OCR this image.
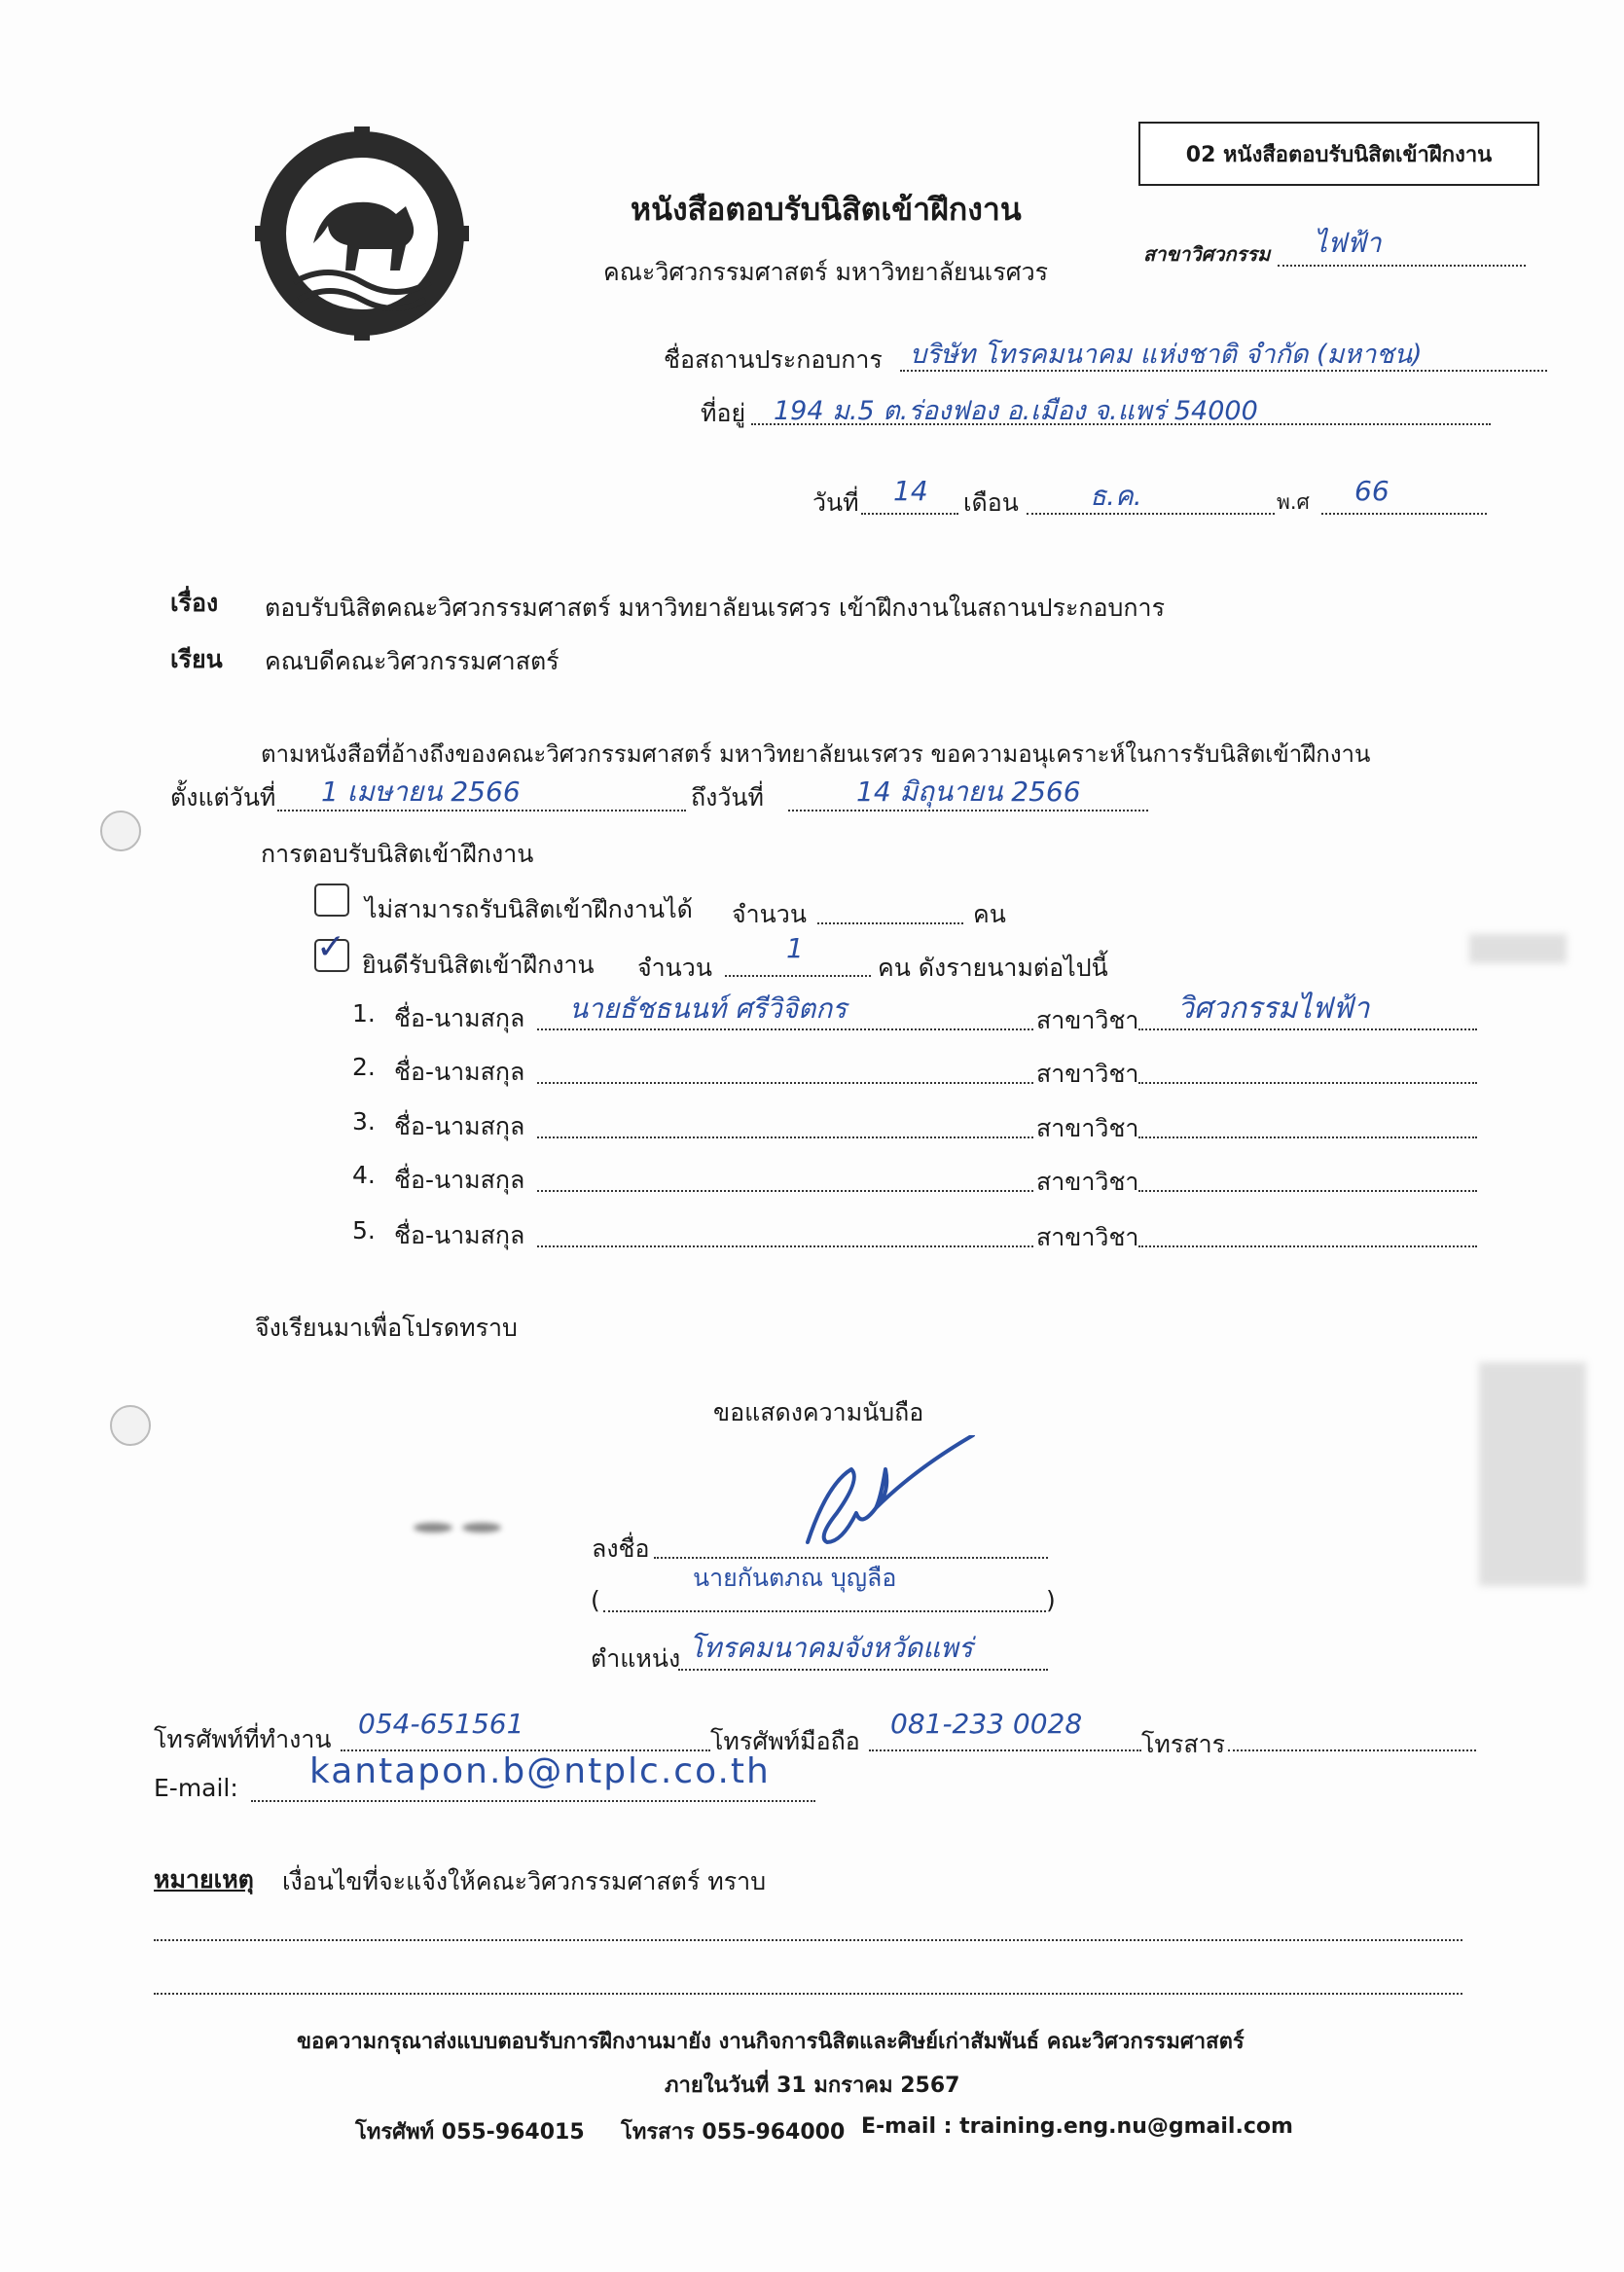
02 หนังสือตอบรับนิสิตเข้าฝึกงาน
หนังสือตอบรับนิสิตเข้าฝึกงาน
คณะวิศวกรรมศาสตร์ มหาวิทยาลัยนเรศวร
สาขาวิศวกรรม ไฟฟ้า
ชื่อสถานประกอบการ บริษัท โทรคมนาคม แห่งชาติ จำกัด (มหาชน)
ที่อยู่ 194 ม.5 ต.ร่องฟอง อ.เมือง จ.แพร่ 54000
วันที่ 14 เดือน	ธ.ค.	พ.ศ 66
เรื่อง ตอบรับนิสิตคณะวิศวกรรมศาสตร์ มหาวิทยาลัยนเรศวร เข้าฝึกงานในสถานประกอบการ
เรียน คณบดีคณะวิศวกรรมศาสตร์
ตามหนังสือที่อ้างถึงของคณะวิศวกรรมศาสตร์ มหาวิทยาลัยนเรศวร ขอความอนุเคราะห์ในการรับนิสิตเข้าฝึกงาน
ตั้งแต่วันที่ 1 เมษายน 2566	ถึงวันที่	14 มิถุนายน 2566
การตอบรับนิสิตเข้าฝึกงาน
ไม่สามารถรับนิสิตเข้าฝึกงานได้ จำนวน	คน
✓ ยินดีรับนิสิตเข้าฝึกงาน จำนวน
1
คน ดังรายนามต่อไปนี้
1. ชื่อ-นามสกุล นายธัชธนนท์ ศรีวิจิตกร	สาขาวิชา วิศวกรรมไฟฟ้า
2. ชื่อ-นามสกุล	สาขาวิชา
3. ชื่อ-นามสกุล	สาขาวิชา
4. ชื่อ-นามสกุล	สาขาวิชา
5. ชื่อ-นามสกุล	สาขาวิชา
จึงเรียนมาเพื่อโปรดทราบ
ขอแสดงความนับถือ
ลงชื่อ
นายกันตภณ บุญลือ
(	)
ตำแหน่ง โทรคมนาคมจังหวัดแพร่
โทรศัพท์ที่ทำงาน 054-651561
โทรศัพท์มือถือ
081-233 0028
โทรสาร
E-mail: kantapon.b@ntplc.co.th
หมายเหตุ เงื่อนไขที่จะแจ้งให้คณะวิศวกรรมศาสตร์ ทราบ
ขอความกรุณาส่งแบบตอบรับการฝึกงานมายัง งานกิจการนิสิตและศิษย์เก่าสัมพันธ์ คณะวิศวกรรมศาสตร์
ภายในวันที่ 31 มกราคม 2567
โทรศัพท์ 055-964015 โทรสาร 055-964000 E-mail : training.eng.nu@gmail.com
